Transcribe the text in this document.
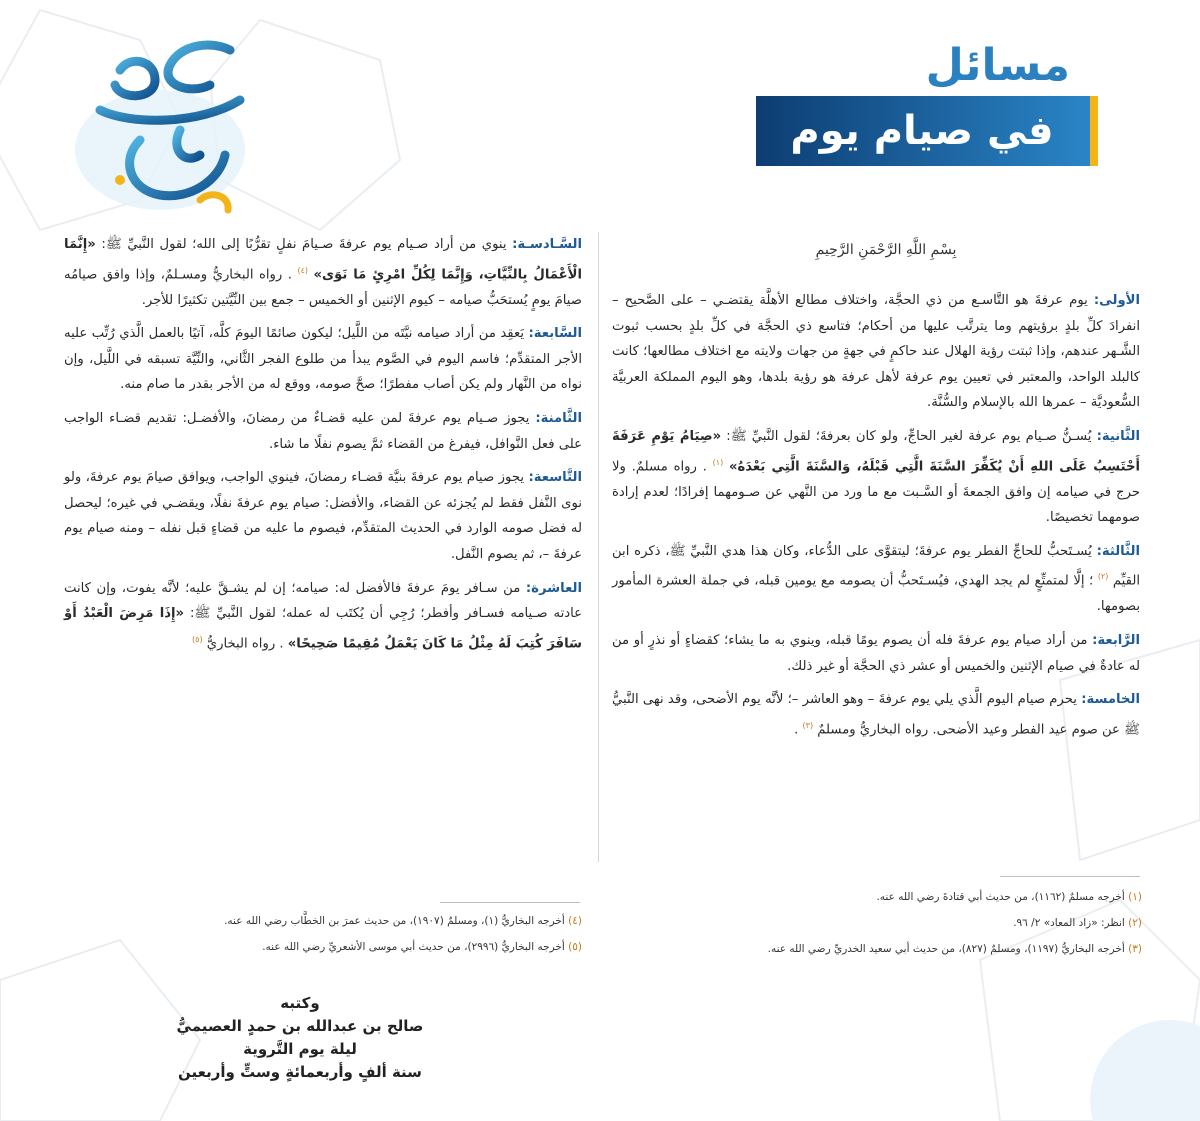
مسائل
في صيام يوم عرفة
بِسْمِ اللَّهِ الرَّحْمَنِ الرَّحِيمِ

الأولى: يوم عرفةَ هو التَّاسـع من ذي الحجَّة، واختلاف مطالع الأهلَّة يقتضـي – على الصَّحيح – انفرادَ كلِّ بلدٍ برؤيتهم وما يترتَّب عليها من أحكام؛ فتاسع ذي الحجَّة في كلِّ بلدٍ بحسب ثبوت الشَّـهر عندهم، وإذا ثبتت رؤية الهلال عند حاكمٍ في جهةٍ من جهات ولايته مع اختلاف مطالعها؛ كانت كالبلد الواحد، والمعتبر في تعيين يوم عرفة لأهل عرفة هو رؤية بلدها، وهو اليوم المملكة العربيَّة السُّعوديَّة – عمرها الله بالإسلام والسُّنَّة.

الثَّانية: يُسـنُّ صـيام يوم عرفة لغير الحاجِّ، ولو كان بعرفةَ؛ لقول النَّبيِّ ﷺ: «صِيَامُ يَوْمِ عَرَفَةَ أَحْتَسِبُ عَلَى اللهِ أَنْ يُكَفِّرَ السَّنَةَ الَّتِي قَبْلَهُ، وَالسَّنَةَ الَّتِي بَعْدَهُ» $^{(١)}$ . رواه مسلمٌ. ولا حرج في صيامه إن وافق الجمعةَ أو السَّـبت مع ما ورد من النَّهي عن صـومهما إفرادًا؛ لعدم إرادة صومهما تخصيصًا.

الثَّالثة: يُسـتَحبُّ للحاجِّ الفطر يوم عرفةَ؛ ليتقوَّى على الدُّعاء، وكان هذا هدي النَّبيِّ ﷺ، ذكره ابن القيِّم $^{(٢)}$ ؛ إلَّا لمتمتِّعٍ لم يجد الهدي، فيُسـتَحبُّ أن يصومه مع يومين قبله، في جملة العشرة المأمور بصومها.

الرَّابعة: من أراد صيام يوم عرفةَ فله أن يصوم يومًا قبله، وينوي به ما يشاء؛ كقضاءٍ أو نذرٍ أو من له عادةٌ في صيام الإثنين والخميس أو عشر ذي الحجَّة أو غير ذلك.

الخامسة: يحرم صيام اليوم الَّذي يلي يوم عرفةَ – وهو العاشر –؛ لأنَّه يوم الأضحى، وقد نهى النَّبيُّ ﷺ عن صوم عيد الفطر وعيد الأضحى. رواه البخاريُّ ومسلمٌ $^{(٣)}$ .

السَّـادسـة: ينوي من أراد صـيام يوم عرفةَ صـيامَ نفلٍ تقرُّبًا إلى الله؛ لقول النَّبيِّ ﷺ: «إِنَّمَا الْأَعْمَالُ بِالنِّيَّاتِ، وَإِنَّمَا لِكُلِّ امْرِئٍ مَا نَوَى» $^{(٤)}$ . رواه البخاريُّ ومسـلمٌ، وإذا وافق صيامُه صيامَ يومٍ يُستحَبُّ صيامه – كيوم الإثنين أو الخميس – جمع بين النِّيَّتين تكثيرًا للأجر.

السَّابعة: يَعقِد من أراد صيامه نيَّتَه من اللَّيل؛ ليكون صائمًا اليومَ كلَّه، آتيًا بالعمل الَّذي رُتِّب عليه الأجر المتقدِّم؛ فاسم اليوم في الصَّوم يبدأ من طلوع الفجر الثَّاني، والنِّيَّة تسبقه في اللَّيل، وإن نواه من النَّهار ولم يكن أصاب مفطرًا؛ صحَّ صومه، ووقع له من الأجر بقدر ما صام منه.

الثَّامنة: يجوز صـيام يوم عرفةَ لمن عليه قضـاءٌ من رمضانَ، والأفضـل: تقديم قضـاء الواجب على فعل النَّوافل، فيفرغ من القضاء ثمَّ يصوم نفلًا ما شاء.

التَّاسعة: يجوز صيام يوم عرفةَ بنيَّة قضـاء رمضانَ، فينوي الواجب، ويوافق صيامَ يوم عرفةَ، ولو نوى النَّفل فقط لم يُجزئه عن القضاء، والأفضل: صيام يوم عرفةَ نفلًا، ويقضـي في غيره؛ ليحصل له فضل صومه الوارد في الحديث المتقدِّم، فيصوم ما عليه من قضاءٍ قبل نفله – ومنه صيام يوم عرفةَ –، ثم يصوم النَّفل.

العاشرة: من سـافر يومَ عرفةَ فالأفضل له: صيامه؛ إن لم يشـقَّ عليه؛ لأنَّه يفوت، وإن كانت عادته صـيامه فسـافر وأفطر؛ رُجِي أن يُكتَب له عمله؛ لقول النَّبيِّ ﷺ: «إِذَا مَرِضَ الْعَبْدُ أَوْ سَافَرَ كُتِبَ لَهُ مِثْلُ مَا كَانَ يَعْمَلُ مُقِيمًا صَحِيحًا» . رواه البخاريُّ $^{(٥)}$

(١) أخرجه مسلمٌ (١١٦٢)، من حديث أبي قتادةَ رضي الله عنه.
(٢) انظر: «زاد المعاد» ٢/ ٩٦.
(٣) أخرجه البخاريُّ (١١٩٧)، ومسلمٌ (٨٢٧)، من حديث أبي سعيد الخدريِّ رضي الله عنه.
(٤) أخرجه البخاريُّ (١)، ومسلمٌ (١٩٠٧)، من حديث عمرَ بن الخطَّاب رضي الله عنه.
(٥) أخرجه البخاريُّ (٢٩٩٦)، من حديث أبي موسى الأشعريِّ رضي الله عنه.
وكتبه
صالح بن عبدالله بن حمدٍ العصيميُّ
ليلة يوم التَّروية
سنة ألفٍ وأربعمائةٍ وستٍّ وأربعين
